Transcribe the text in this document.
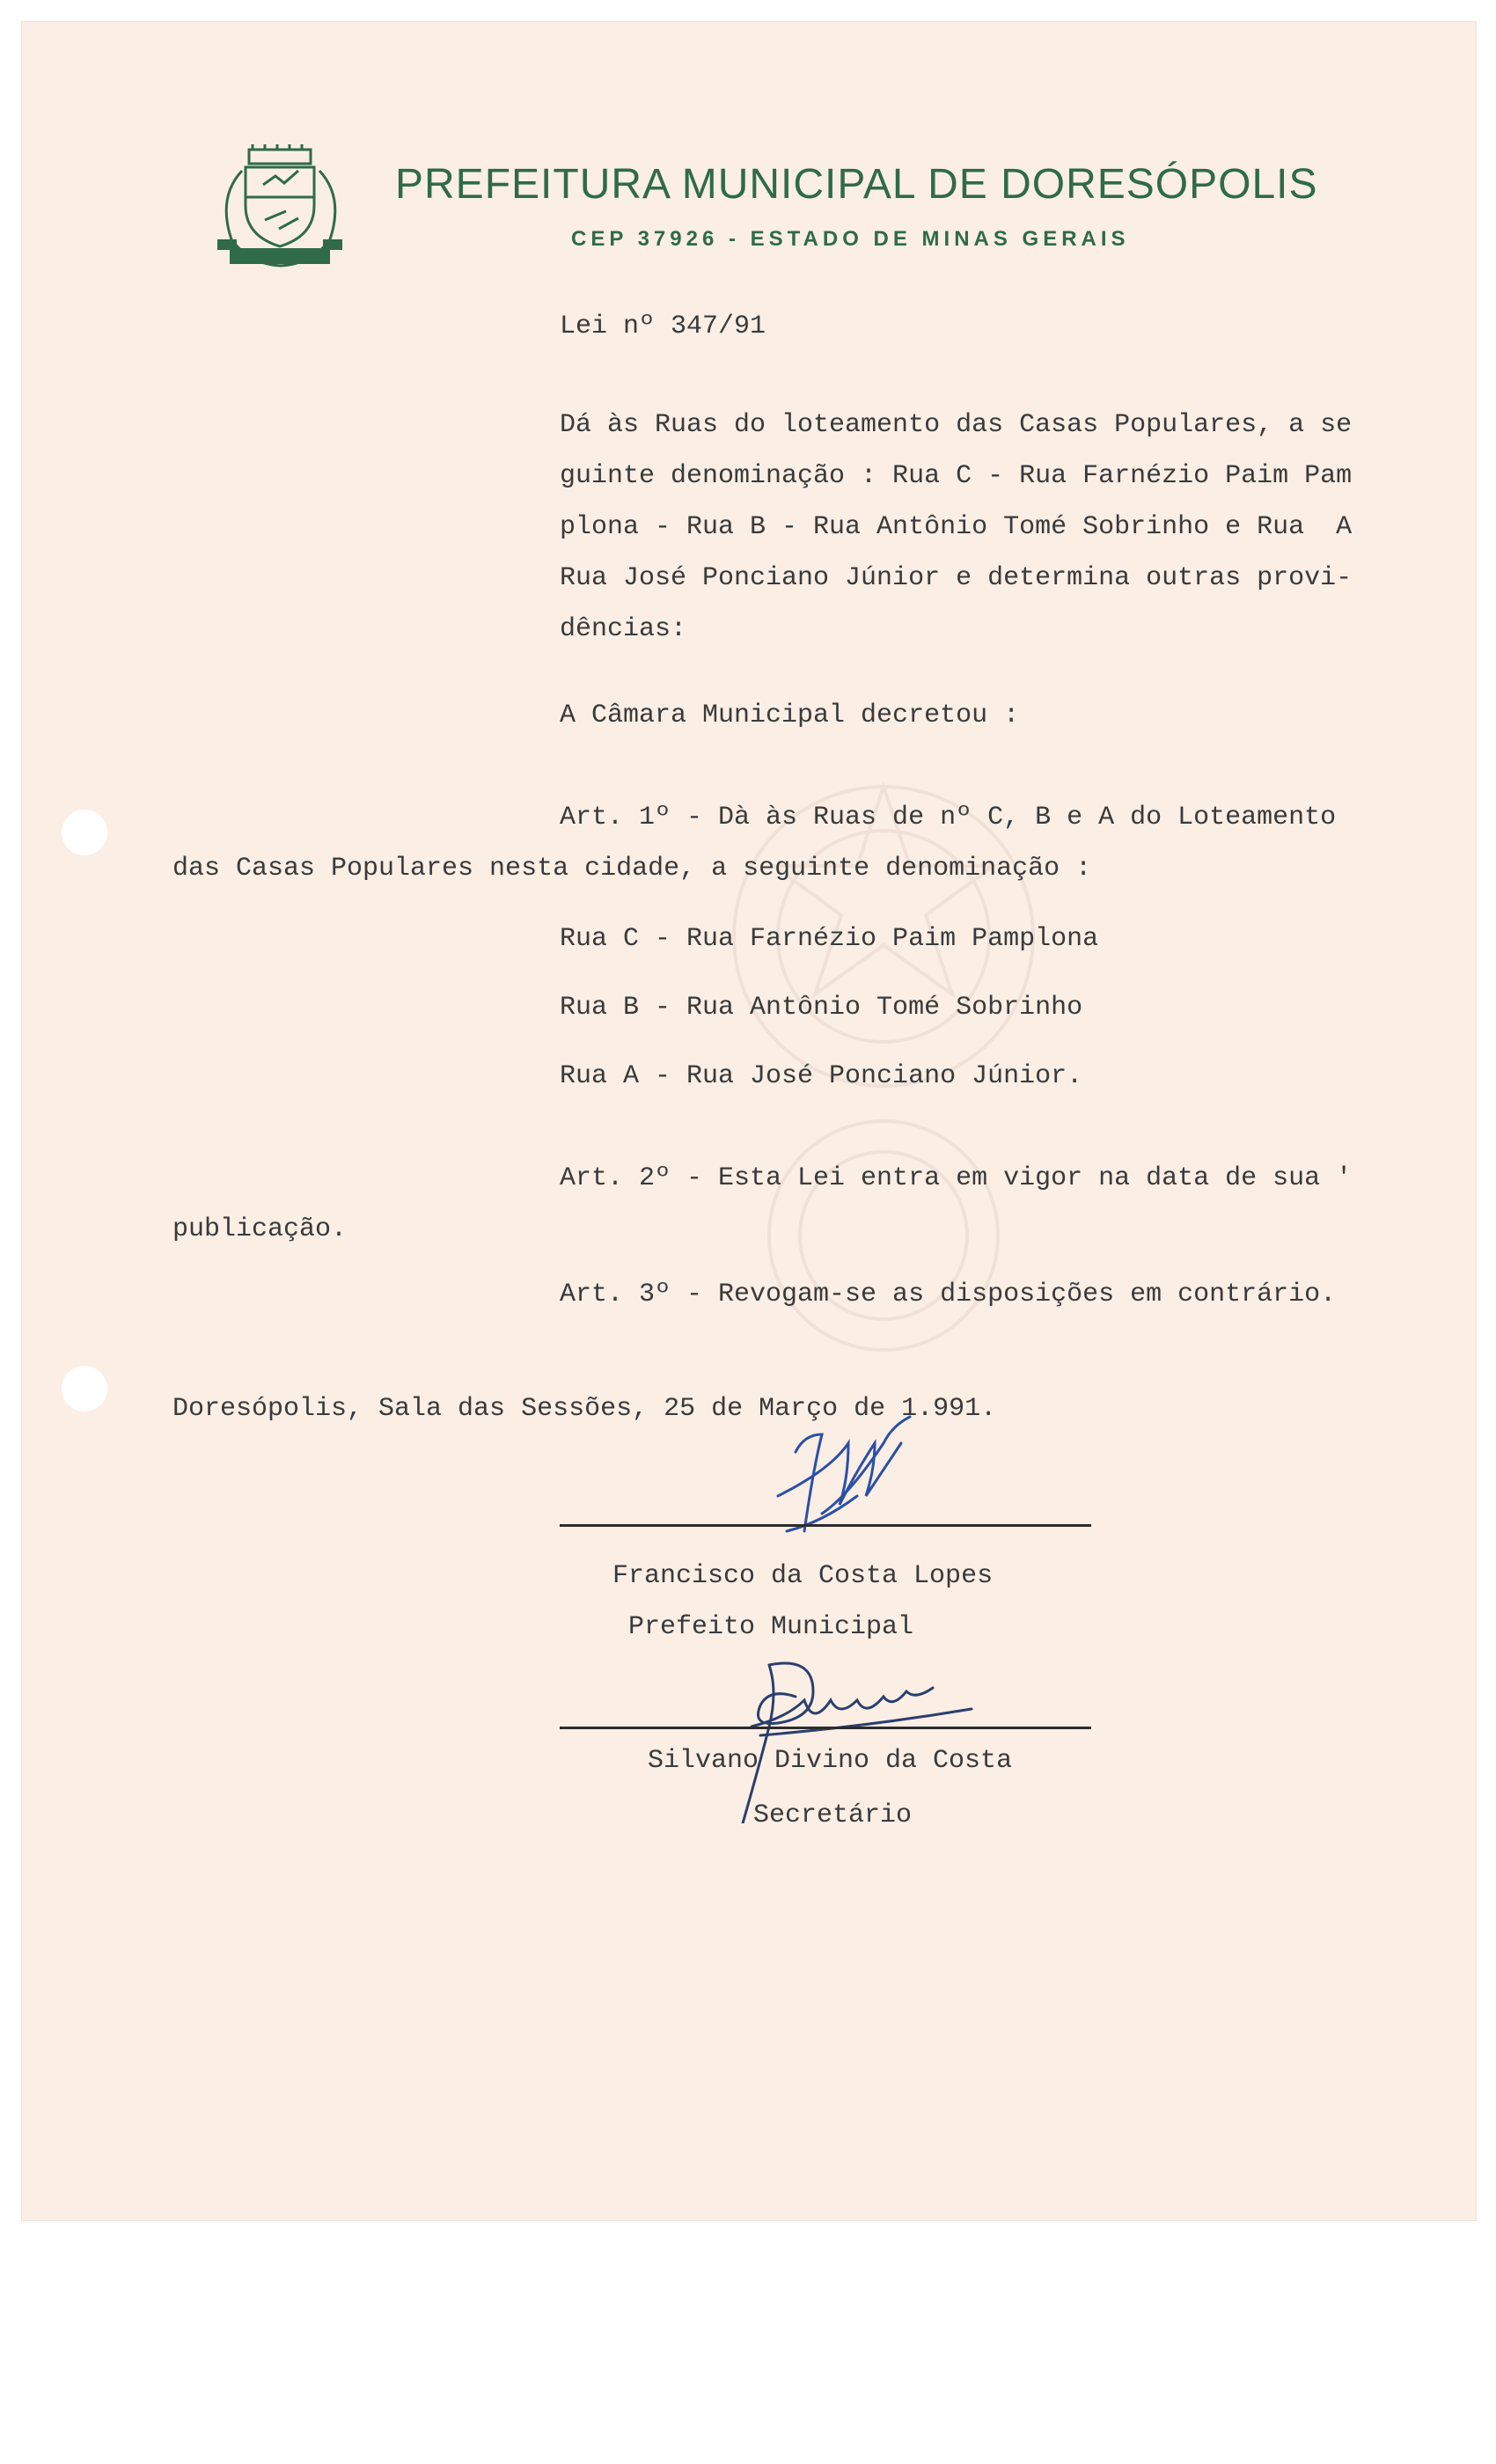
PREFEITURA MUNICIPAL DE DORESÓPOLIS
CEP 37926 - ESTADO DE MINAS GERAIS
Lei nº 347/91
Dá às Ruas do loteamento das Casas Populares, a se
guinte denominação : Rua C - Rua Farnézio Paim Pam
plona - Rua B - Rua Antônio Tomé Sobrinho e Rua  A
Rua José Ponciano Júnior e determina outras provi-
dências:
A Câmara Municipal decretou :
Art. 1º - Dà às Ruas de nº C, B e A do Loteamento
das Casas Populares nesta cidade, a seguinte denominação :
Rua C - Rua Farnézio Paim Pamplona
Rua B - Rua Antônio Tomé Sobrinho
Rua A - Rua José Ponciano Júnior.
Art. 2º - Esta Lei entra em vigor na data de sua '
publicação.
Art. 3º - Revogam-se as disposições em contrário.
Doresópolis, Sala das Sessões, 25 de Março de 1.991.
Francisco da Costa Lopes
Prefeito Municipal
Silvano Divino da Costa
Secretário
